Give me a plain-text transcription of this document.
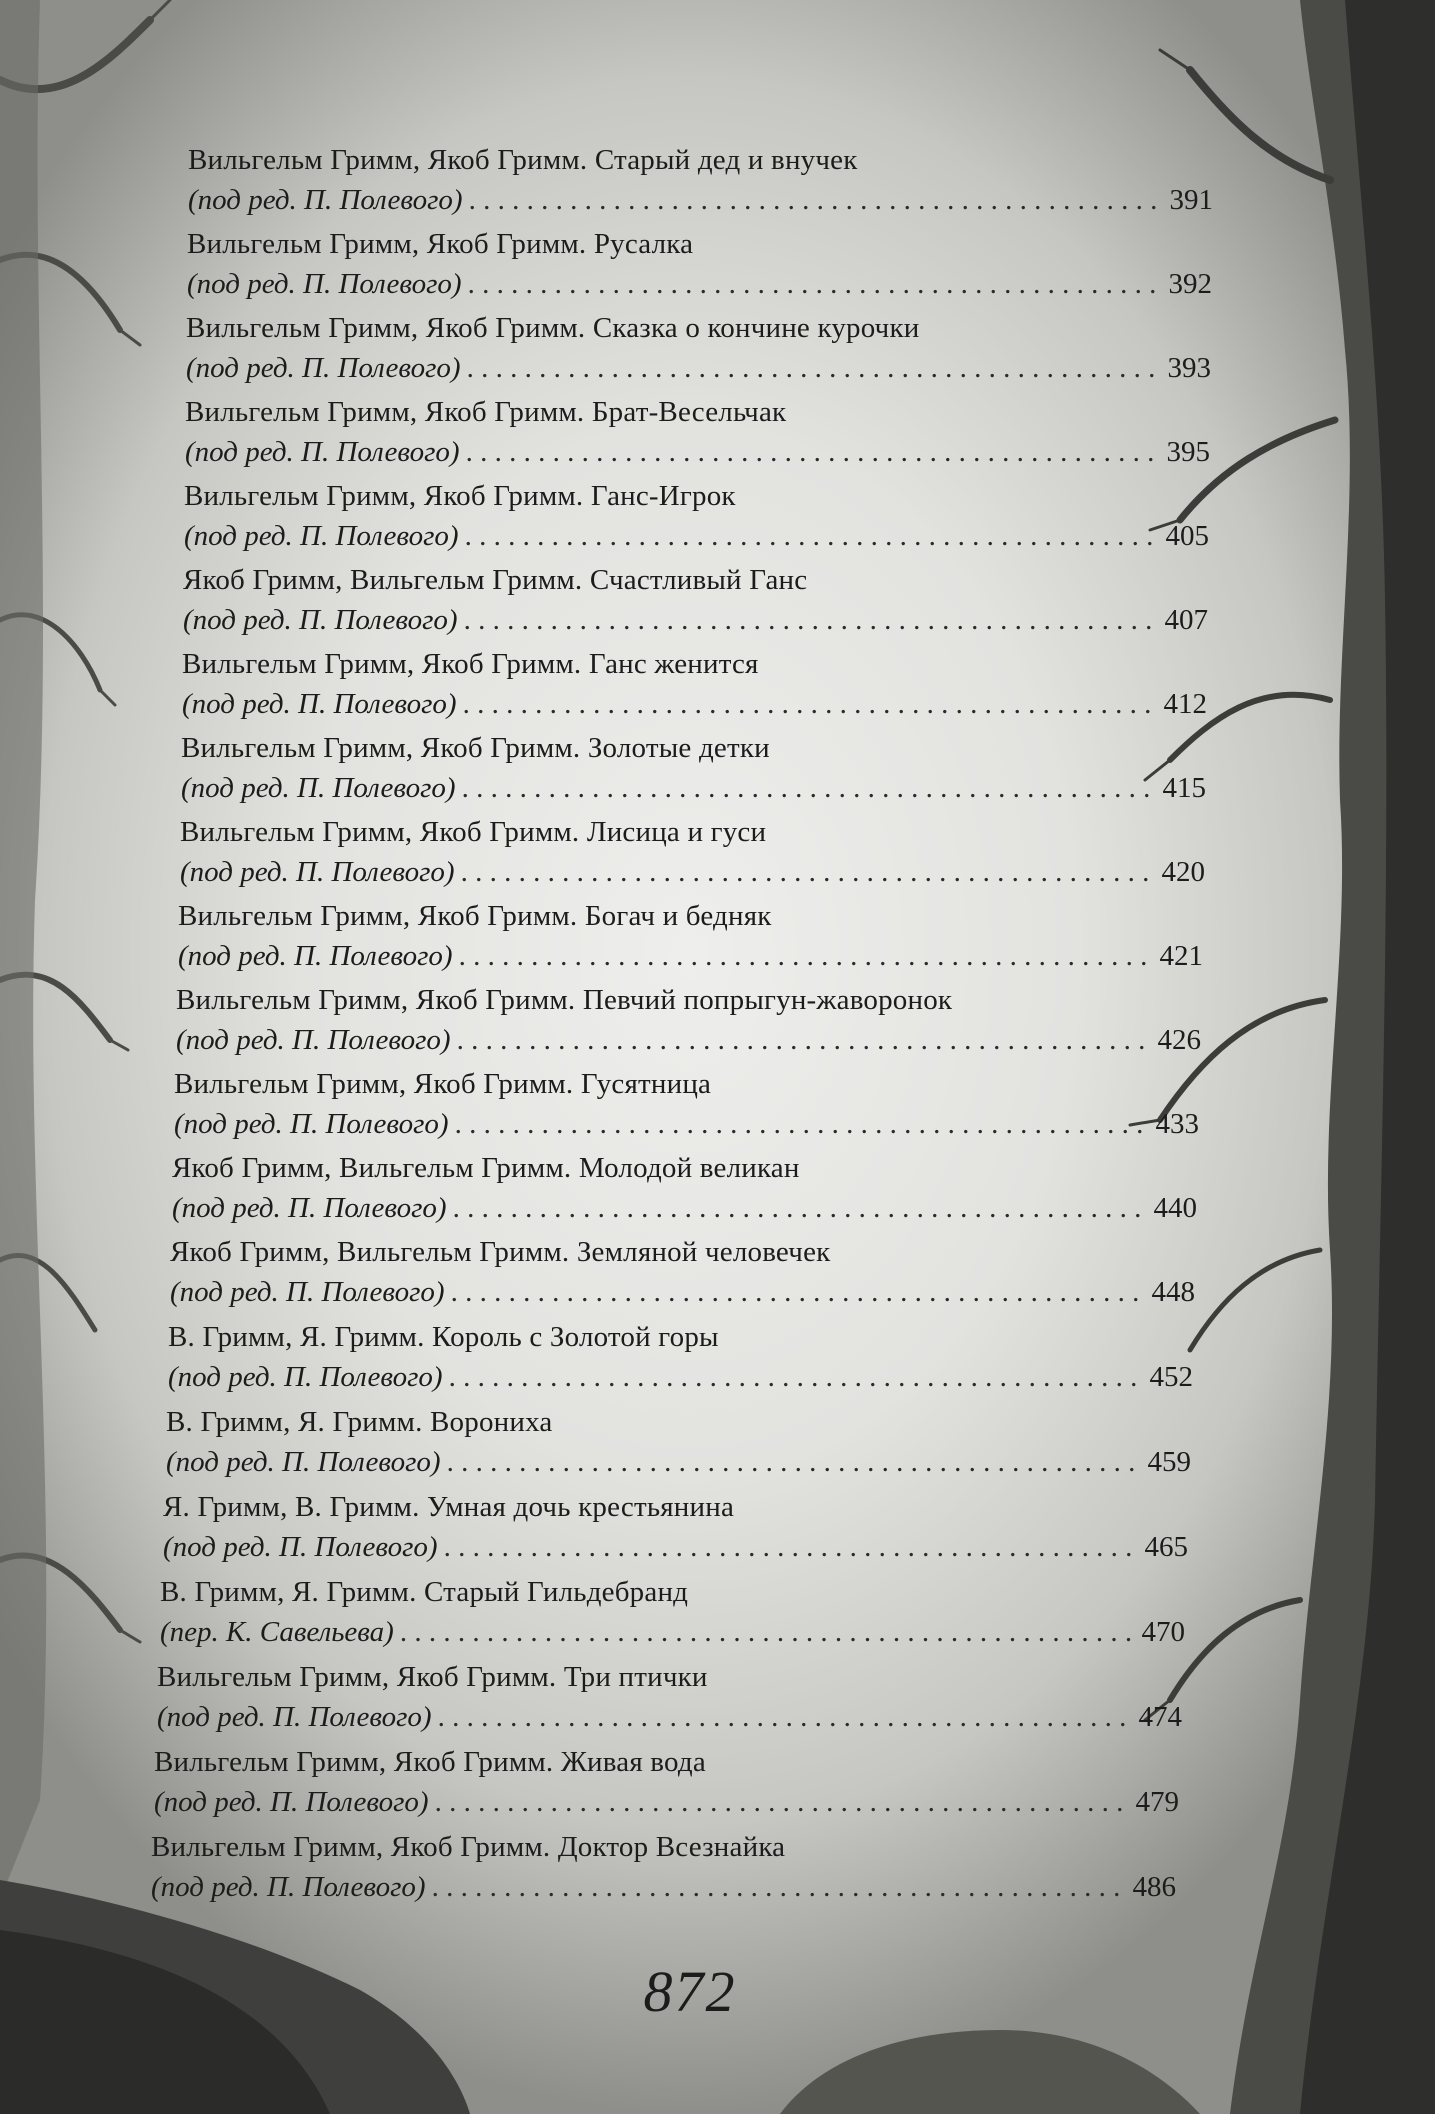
Вильгельм Гримм, Якоб Гримм. Старый дед и внучек
(под ред. П. Полевого) . . .	391
Вильгельм Гримм, Якоб Гримм. Русалка
(под ред. П. Полевого) . . .	392
Вильгельм Гримм, Якоб Гримм. Сказка о кончине курочки
(под ред. П. Полевого) . . .	393
Вильгельм Гримм, Якоб Гримм. Брат-Весельчак
(под ред. П. Полевого) . . .	395
Вильгельм Гримм, Якоб Гримм. Ганс-Игрок
(под ред. П. Полевого) . . .	405
Якоб Гримм, Вильгельм Гримм. Счастливый Ганс
(под ред. П. Полевого) . . .	407
Вильгельм Гримм, Якоб Гримм. Ганс женится
(под ред. П. Полевого) . . .	412
Вильгельм Гримм, Якоб Гримм. Золотые детки
(под ред. П. Полевого) . . .	415
Вильгельм Гримм, Якоб Гримм. Лисица и гуси
(под ред. П. Полевого) . . .	420
Вильгельм Гримм, Якоб Гримм. Богач и бедняк
(под ред. П. Полевого) . . .	421
Вильгельм Гримм, Якоб Гримм. Певчий попрыгун-жаворонок
(под ред. П. Полевого) . . .	426
Вильгельм Гримм, Якоб Гримм. Гусятница
(под ред. П. Полевого) . . .	433
Якоб Гримм, Вильгельм Гримм. Молодой великан
(под ред. П. Полевого) . . .	440
Якоб Гримм, Вильгельм Гримм. Земляной человечек
(под ред. П. Полевого) . . .	448
В. Гримм, Я. Гримм. Король с Золотой горы
(под ред. П. Полевого) . . .	452
В. Гримм, Я. Гримм. Ворониха
(под ред. П. Полевого) . . .	459
Я. Гримм, В. Гримм. Умная дочь крестьянина
(под ред. П. Полевого) . . .	465
В. Гримм, Я. Гримм. Старый Гильдебранд
(пер. К. Савельева) . . .	470
Вильгельм Гримм, Якоб Гримм. Три птички
(под ред. П. Полевого) . . .	474
Вильгельм Гримм, Якоб Гримм. Живая вода
(под ред. П. Полевого) . . .	479
Вильгельм Гримм, Якоб Гримм. Доктор Всезнайка
(под ред. П. Полевого) . . .	486
872
